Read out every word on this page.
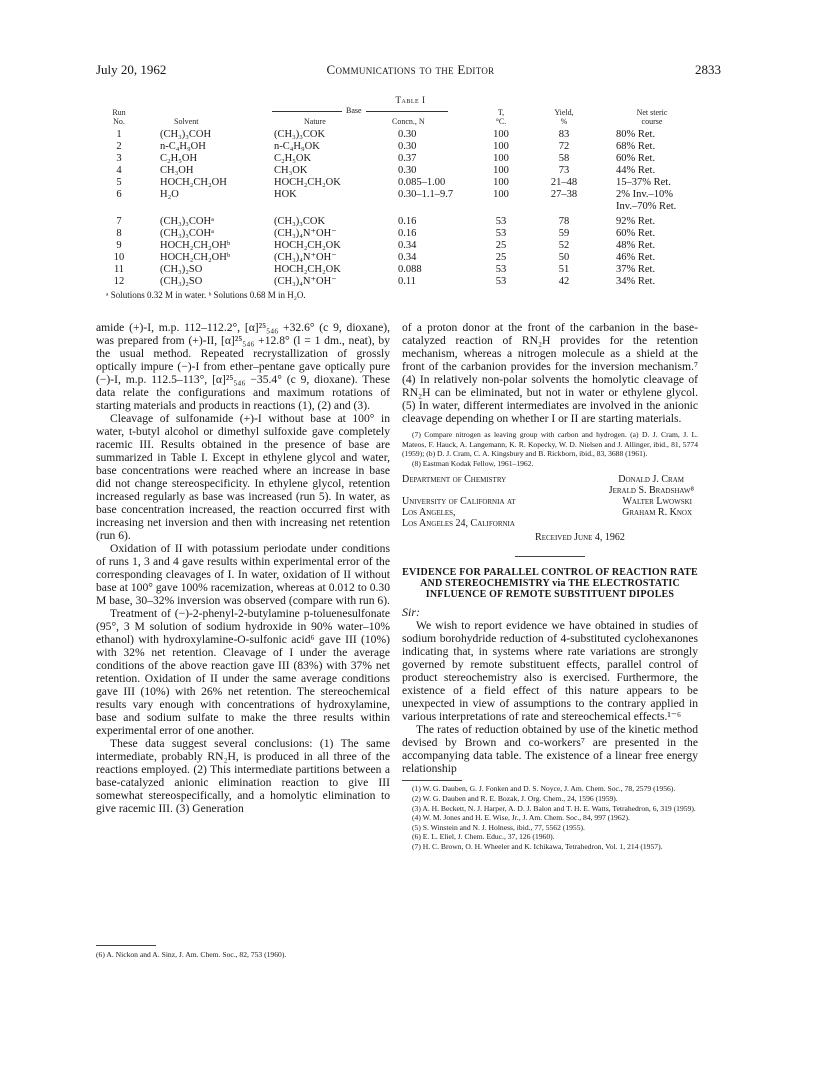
July 20, 1962	Communications to the Editor	2833
Table I
Base
Run
No.	Solvent	Nature	Concn., N
T,
°C.
Yield,
%
Net steric
course
1	(CH₃)₃COH	(CH₃)₃COK	0.30	100	83	80% Ret.
2	n-C₄H₉OH	n-C₄H₉OK	0.30	100	72	68% Ret.
3	C₂H₅OH	C₂H₅OK	0.37	100	58	60% Ret.
4	CH₃OH	CH₃OK	0.30	100	73	44% Ret.
5	HOCH₂CH₂OH	HOCH₂CH₂OK	0.085–1.00	100	21–48	15–37% Ret.
6	H₂O	HOK	0.30–1.1–9.7	100	27–38	2% Inv.–10%
Inv.–70% Ret.
7	(CH₃)₃COHᵃ	(CH₃)₃COK	0.16	53	78	92% Ret.
8	(CH₃)₃COHᵃ	(CH₃)₄N⁺OH⁻	0.16	53	59	60% Ret.
9	HOCH₂CH₂OHᵇ	HOCH₂CH₂OK	0.34	25	52	48% Ret.
10	HOCH₂CH₂OHᵇ	(CH₃)₄N⁺OH⁻	0.34	25	50	46% Ret.
11	(CH₃)₂SO	HOCH₂CH₂OK	0.088	53	51	37% Ret.
12	(CH₃)₂SO	(CH₃)₄N⁺OH⁻	0.11	53	42	34% Ret.
ᵃ Solutions 0.32 M in water. ᵇ Solutions 0.68 M in H₂O.

amide (+)-I, m.p. 112–112.2°, [α]²⁵₅₄₆ +32.6° (c 9, dioxane), was prepared from (+)-II, [α]²⁵₅₄₆ +12.8° (l = 1 dm., neat), by the usual method. Repeated recrystallization of grossly optically impure (−)-I from ether–pentane gave optically pure (−)-I, m.p. 112.5–113°, [α]²⁵₅₄₆ −35.4° (c 9, dioxane). These data relate the configurations and maximum rotations of starting materials and products in reactions (1), (2) and (3).

Cleavage of sulfonamide (+)-I without base at 100° in water, t-butyl alcohol or dimethyl sulfoxide gave completely racemic III. Results obtained in the presence of base are summarized in Table I. Except in ethylene glycol and water, base concentrations were reached where an increase in base did not change stereospecificity. In ethylene glycol, retention increased regularly as base was increased (run 5). In water, as base concentration increased, the reaction occurred first with increasing net inversion and then with increasing net retention (run 6).

Oxidation of II with potassium periodate under conditions of runs 1, 3 and 4 gave results within experimental error of the corresponding cleavages of I. In water, oxidation of II without base at 100° gave 100% racemization, whereas at 0.012 to 0.30 M base, 30–32% inversion was observed (compare with run 6).

Treatment of (−)-2-phenyl-2-butylamine p-toluenesulfonate (95°, 3 M solution of sodium hydroxide in 90% water–10% ethanol) with hydroxylamine-O-sulfonic acid⁶ gave III (10%) with 32% net retention. Cleavage of I under the average conditions of the above reaction gave III (83%) with 37% net retention. Oxidation of II under the same average conditions gave III (10%) with 26% net retention. The stereochemical results vary enough with concentrations of hydroxylamine, base and sodium sulfate to make the three results within experimental error of one another.

These data suggest several conclusions: (1) The same intermediate, probably RN₂H, is produced in all three of the reactions employed. (2) This intermediate partitions between a base-catalyzed anionic elimination reaction to give III somewhat stereospecifically, and a homolytic elimination to give racemic III. (3) Generation

(6) A. Nickon and A. Sinz, J. Am. Chem. Soc., 82, 753 (1960).

of a proton donor at the front of the carbanion in the base-catalyzed reaction of RN₂H provides for the retention mechanism, whereas a nitrogen molecule as a shield at the front of the carbanion provides for the inversion mechanism.⁷ (4) In relatively non-polar solvents the homolytic cleavage of RN₂H can be eliminated, but not in water or ethylene glycol. (5) In water, different intermediates are involved in the anionic cleavage depending on whether I or II are starting materials.

(7) Compare nitrogen as leaving group with carbon and hydrogen. (a) D. J. Cram, J. L. Mateos, F. Hauck, A. Langemann, K. R. Kopecky, W. D. Nielsen and J. Allinger, ibid., 81, 5774 (1959); (b) D. J. Cram, C. A. Kingsbury and B. Rickborn, ibid., 83, 3688 (1961).

(8) Eastman Kodak Fellow, 1961–1962.

Department of Chemistry	Donald J. Cram
Jerald S. Bradshaw⁸
University of California at	Walter Lwowski
Los Angeles,	Graham R. Knox
Los Angeles 24, California
Received June 4, 1962
EVIDENCE FOR PARALLEL CONTROL OF REACTION RATE AND STEREOCHEMISTRY via THE ELECTROSTATIC INFLUENCE OF REMOTE SUBSTITUENT DIPOLES
Sir:

We wish to report evidence we have obtained in studies of sodium borohydride reduction of 4-substituted cyclohexanones indicating that, in systems where rate variations are strongly governed by remote substituent effects, parallel control of product stereochemistry also is exercised. Furthermore, the existence of a field effect of this nature appears to be unexpected in view of assumptions to the contrary applied in various interpretations of rate and stereochemical effects.¹⁻⁶

The rates of reduction obtained by use of the kinetic method devised by Brown and co-workers⁷ are presented in the accompanying data table. The existence of a linear free energy relationship

(1) W. G. Dauben, G. J. Fonken and D. S. Noyce, J. Am. Chem. Soc., 78, 2579 (1956).

(2) W. G. Dauben and R. E. Bozak, J. Org. Chem., 24, 1596 (1959).

(3) A. H. Beckett, N. J. Harper, A. D. J. Balon and T. H. E. Watts, Tetrahedron, 6, 319 (1959).

(4) W. M. Jones and H. E. Wise, Jr., J. Am. Chem. Soc., 84, 997 (1962).

(5) S. Winstein and N. J. Holness, ibid., 77, 5562 (1955).

(6) E. L. Eliel, J. Chem. Educ., 37, 126 (1960).

(7) H. C. Brown, O. H. Wheeler and K. Ichikawa, Tetrahedron, Vol. 1, 214 (1957).
